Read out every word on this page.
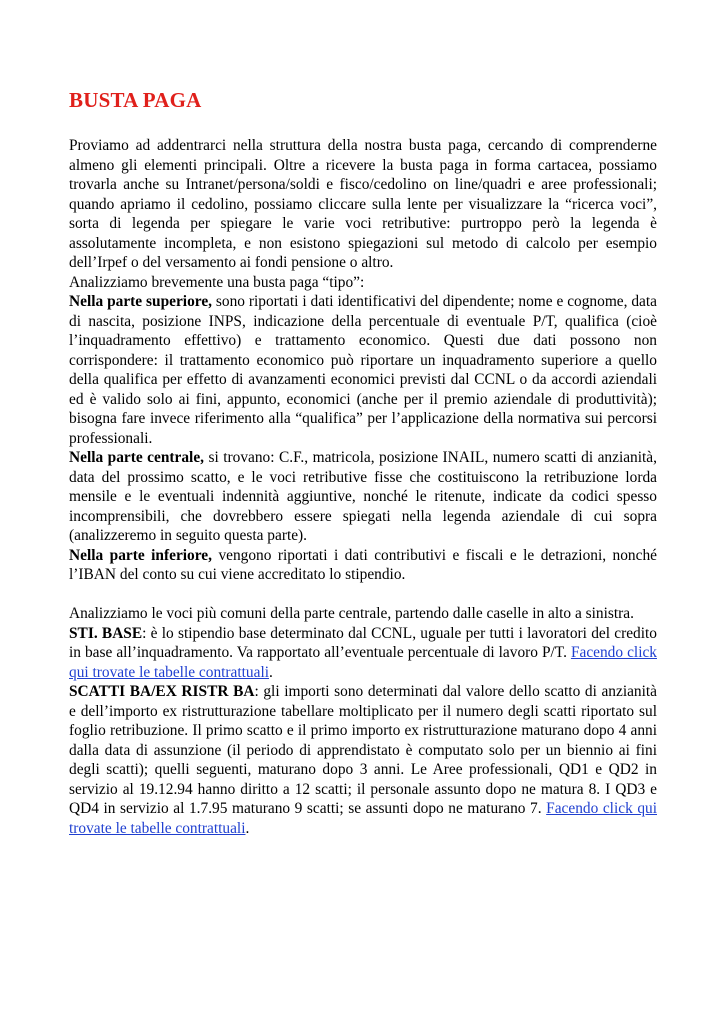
BUSTA PAGA

Proviamo ad addentrarci nella struttura della nostra busta paga, cercando di comprenderne almeno gli elementi principali. Oltre a ricevere la busta paga in forma cartacea, possiamo trovarla anche su Intranet/persona/soldi e fisco/cedolino on line/quadri e aree professionali; quando apriamo il cedolino, possiamo cliccare sulla lente per visualizzare la “ricerca voci”, sorta di legenda per spiegare le varie voci retributive: purtroppo però la legenda è assolutamente incompleta, e non esistono spiegazioni sul metodo di calcolo per esempio dell’Irpef o del versamento ai fondi pensione o altro.

Analizziamo brevemente una busta paga “tipo”:

Nella parte superiore, sono riportati i dati identificativi del dipendente; nome e cognome, data di nascita, posizione INPS, indicazione della percentuale di eventuale P/T, qualifica (cioè l’inquadramento effettivo) e trattamento economico. Questi due dati possono non corrispondere: il trattamento economico può riportare un inquadramento superiore a quello della qualifica per effetto di avanzamenti economici previsti dal CCNL o da accordi aziendali ed è valido solo ai fini, appunto, economici (anche per il premio aziendale di produttività); bisogna fare invece riferimento alla “qualifica” per l’applicazione della normativa sui percorsi professionali.

Nella parte centrale, si trovano: C.F., matricola, posizione INAIL, numero scatti di anzianità, data del prossimo scatto, e le voci retributive fisse che costituiscono la retribuzione lorda mensile e le eventuali indennità aggiuntive, nonché le ritenute, indicate da codici spesso incomprensibili, che dovrebbero essere spiegati nella legenda aziendale di cui sopra (analizzeremo in seguito questa parte).

Nella parte inferiore, vengono riportati i dati contributivi e fiscali e le detrazioni, nonché l’IBAN del conto su cui viene accreditato lo stipendio.

Analizziamo le voci più comuni della parte centrale, partendo dalle caselle in alto a sinistra.

STI. BASE: è lo stipendio base determinato dal CCNL, uguale per tutti i lavoratori del credito in base all’inquadramento. Va rapportato all’eventuale percentuale di lavoro P/T. Facendo click qui trovate le tabelle contrattuali.

SCATTI BA/EX RISTR BA: gli importi sono determinati dal valore dello scatto di anzianità e dell’importo ex ristrutturazione tabellare moltiplicato per il numero degli scatti riportato sul foglio retribuzione. Il primo scatto e il primo importo ex ristrutturazione maturano dopo 4 anni dalla data di assunzione (il periodo di apprendistato è computato solo per un biennio ai fini degli scatti); quelli seguenti, maturano dopo 3 anni. Le Aree professionali, QD1 e QD2 in servizio al 19.12.94 hanno diritto a 12 scatti; il personale assunto dopo ne matura 8. I QD3 e QD4 in servizio al 1.7.95 maturano 9 scatti; se assunti dopo ne maturano 7. Facendo click qui trovate le tabelle contrattuali.
